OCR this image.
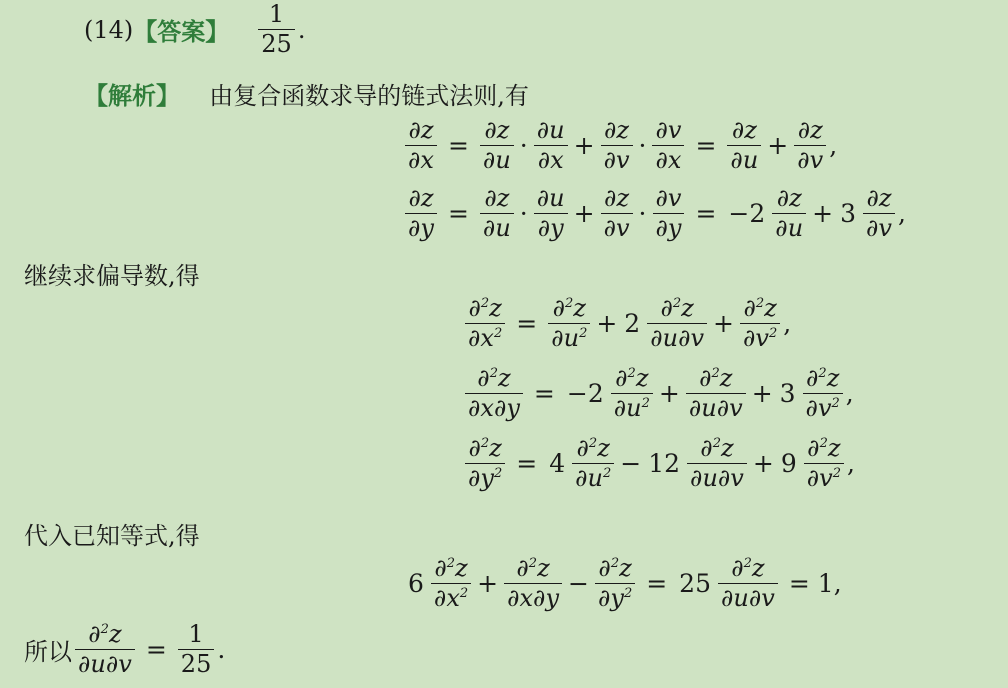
(14) 【答案】 $\frac{1}{25}$ .
【解析】 由复合函数求导的链式法则,有
$\frac{\partial z}{\partial x} = \frac{\partial z}{\partial u} \cdot \frac{\partial u}{\partial x} + \frac{\partial z}{\partial v} \cdot \frac{\partial v}{\partial x} = \frac{\partial z}{\partial u} + \frac{\partial z}{\partial v}$ ,
$\frac{\partial z}{\partial y} = \frac{\partial z}{\partial u} \cdot \frac{\partial u}{\partial y} + \frac{\partial z}{\partial v} \cdot \frac{\partial v}{\partial y} = -2 \frac{\partial z}{\partial u} + 3 \frac{\partial z}{\partial v}$ ,
继续求偏导数,得
$\frac{\partial^2z}{\partial x^2} = \frac{\partial^2z}{\partial u^2} + 2 \frac{\partial^2z}{\partial u\partial v} + \frac{\partial^2z}{\partial v^2}$ ,
$\frac{\partial^2z}{\partial x\partial y} = -2 \frac{\partial^2z}{\partial u^2} + \frac{\partial^2z}{\partial u\partial v} + 3 \frac{\partial^2z}{\partial v^2}$ ,
$\frac{\partial^2z}{\partial y^2} = 4 \frac{\partial^2z}{\partial u^2} - 12 \frac{\partial^2z}{\partial u\partial v} + 9 \frac{\partial^2z}{\partial v^2}$ ,
代入已知等式,得
$6 \frac{\partial^2z}{\partial x^2} + \frac{\partial^2z}{\partial x\partial y} - \frac{\partial^2z}{\partial y^2} = 25 \frac{\partial^2z}{\partial u\partial v} = 1$ ,
所以 $\frac{\partial^2z}{\partial u\partial v} = \frac{1}{25}$ .
